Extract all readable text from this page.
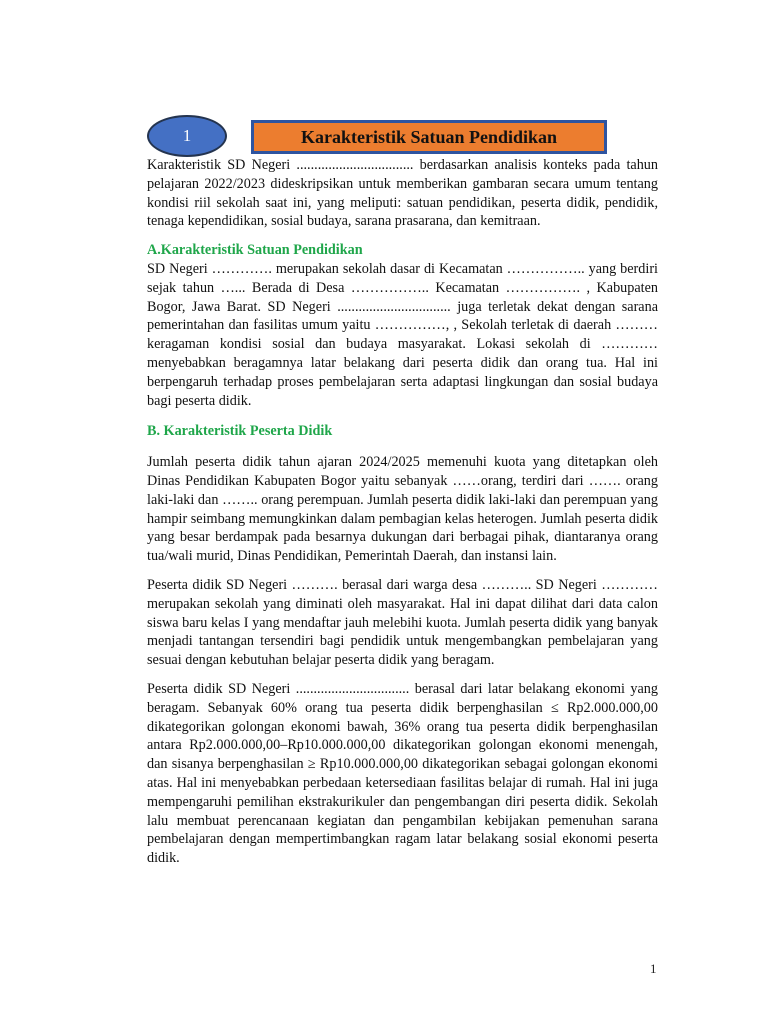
1	Karakteristik Satuan Pendidikan

Karakteristik SD Negeri ................................. berdasarkan analisis konteks pada tahun pelajaran 2022/2023 dideskripsikan untuk memberikan gambaran secara umum tentang kondisi riil sekolah saat ini, yang meliputi: satuan pendidikan, peserta didik, pendidik, tenaga kependidikan, sosial budaya, sarana prasarana, dan kemitraan.

A.Karakteristik Satuan Pendidikan

SD Negeri …………. merupakan sekolah dasar di Kecamatan …………….. yang berdiri sejak tahun …... Berada di Desa …………….. Kecamatan ……………. , Kabupaten Bogor, Jawa Barat. SD Negeri ................................ juga terletak dekat dengan sarana pemerintahan dan fasilitas umum yaitu ……………, , Sekolah terletak di daerah ……… keragaman kondisi sosial dan budaya masyarakat. Lokasi sekolah di ………… menyebabkan beragamnya latar belakang dari peserta didik dan orang tua. Hal ini berpengaruh terhadap proses pembelajaran serta adaptasi lingkungan dan sosial budaya bagi peserta didik.

B. Karakteristik Peserta Didik

Jumlah peserta didik tahun ajaran 2024/2025 memenuhi kuota yang ditetapkan oleh Dinas Pendidikan Kabupaten Bogor yaitu sebanyak ……orang, terdiri dari ……. orang laki-laki dan …….. orang perempuan. Jumlah peserta didik laki-laki dan perempuan yang hampir seimbang memungkinkan dalam pembagian kelas heterogen. Jumlah peserta didik yang besar berdampak pada besarnya dukungan dari berbagai pihak, diantaranya orang tua/wali murid, Dinas Pendidikan, Pemerintah Daerah, dan instansi lain.

Peserta didik SD Negeri ………. berasal dari warga desa ……….. SD Negeri ………… merupakan sekolah yang diminati oleh masyarakat. Hal ini dapat dilihat dari data calon siswa baru kelas I yang mendaftar jauh melebihi kuota. Jumlah peserta didik yang banyak menjadi tantangan tersendiri bagi pendidik untuk mengembangkan pembelajaran yang sesuai dengan kebutuhan belajar peserta didik yang beragam.

Peserta didik SD Negeri ................................ berasal dari latar belakang ekonomi yang beragam. Sebanyak 60% orang tua peserta didik berpenghasilan ≤ Rp2.000.000,00 dikategorikan golongan ekonomi bawah, 36% orang tua peserta didik berpenghasilan antara Rp2.000.000,00–Rp10.000.000,00 dikategorikan golongan ekonomi menengah, dan sisanya berpenghasilan ≥ Rp10.000.000,00 dikategorikan sebagai golongan ekonomi atas. Hal ini menyebabkan perbedaan ketersediaan fasilitas belajar di rumah. Hal ini juga mempengaruhi pemilihan ekstrakurikuler dan pengembangan diri peserta didik. Sekolah lalu membuat perencanaan kegiatan dan pengambilan kebijakan pemenuhan sarana pembelajaran dengan mempertimbangkan ragam latar belakang sosial ekonomi peserta didik.

1
